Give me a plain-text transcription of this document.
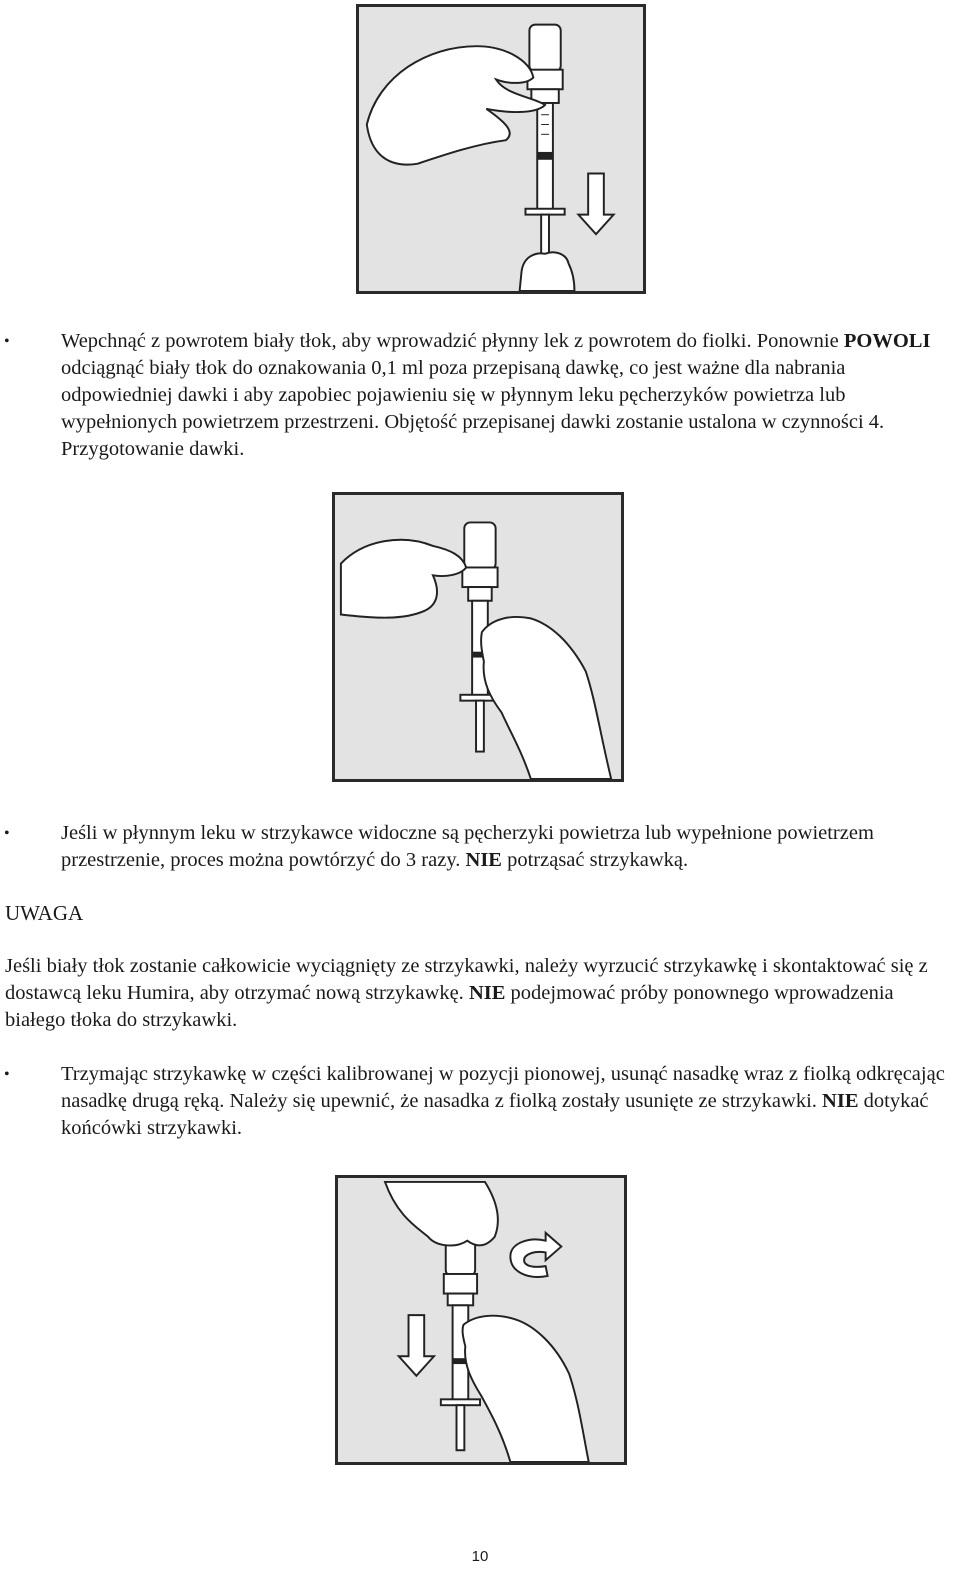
•	Wepchnąć z powrotem biały tłok, aby wprowadzić płynny lek z powrotem do fiolki. Ponownie POWOLI odciągnąć biały tłok do oznakowania 0,1 ml poza przepisaną dawkę, co jest ważne dla nabrania odpowiedniej dawki i aby zapobiec pojawieniu się w płynnym leku pęcherzyków powietrza lub wypełnionych powietrzem przestrzeni. Objętość przepisanej dawki zostanie ustalona w czynności 4. Przygotowanie dawki.
•	Jeśli w płynnym leku w strzykawce widoczne są pęcherzyki powietrza lub wypełnione powietrzem przestrzenie, proces można powtórzyć do 3 razy. NIE potrząsać strzykawką.
UWAGA
Jeśli biały tłok zostanie całkowicie wyciągnięty ze strzykawki, należy wyrzucić strzykawkę i skontaktować się z dostawcą leku Humira, aby otrzymać nową strzykawkę. NIE podejmować próby ponownego wprowadzenia białego tłoka do strzykawki.
•	Trzymając strzykawkę w części kalibrowanej w pozycji pionowej, usunąć nasadkę wraz z fiolką odkręcając nasadkę drugą ręką. Należy się upewnić, że nasadka z fiolką zostały usunięte ze strzykawki. NIE dotykać końcówki strzykawki.
10
